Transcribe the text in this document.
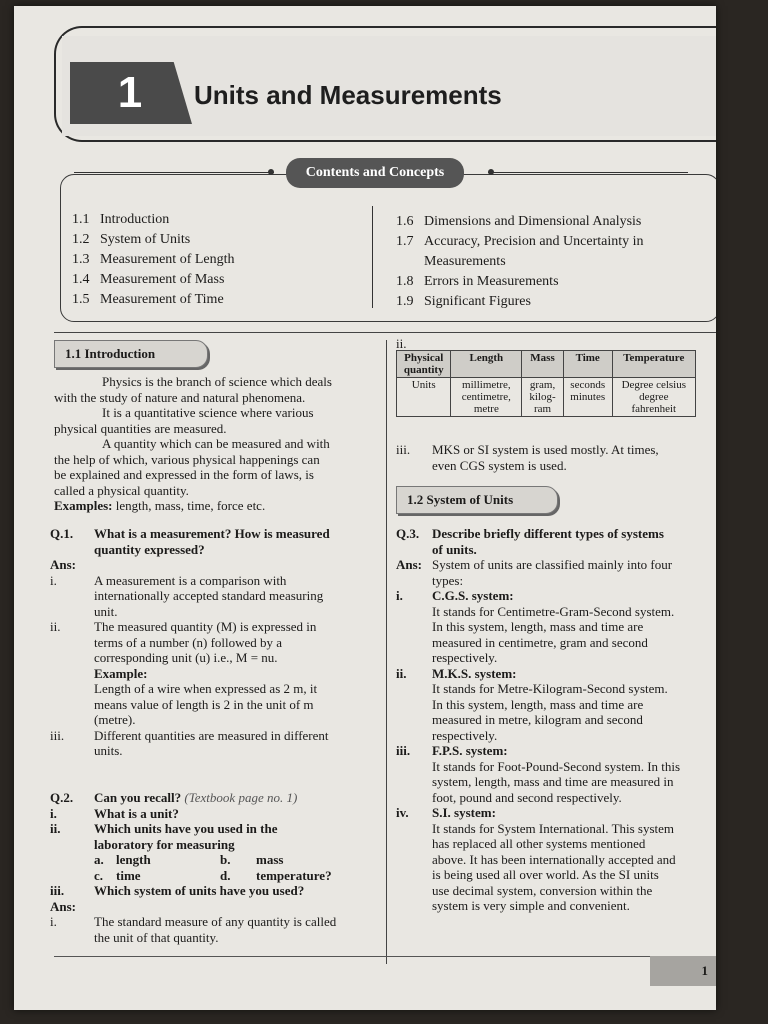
1 Units and Measurements
Contents and Concepts
1.1 Introduction
1.2 System of Units
1.3 Measurement of Length
1.4 Measurement of Mass
1.5 Measurement of Time
1.6 Dimensions and Dimensional Analysis
1.7 Accuracy, Precision and Uncertainty in
Measurements
1.8 Errors in Measurements
1.9 Significant Figures
1.1 Introduction
Physics is the branch of science which deals
with the study of nature and natural phenomena.
It is a quantitative science where various
physical quantities are measured.
A quantity which can be measured and with
the help of which, various physical happenings can
be explained and expressed in the form of laws, is
called a physical quantity.
Examples: length, mass, time, force etc.
Q.1.	What is a measurement? How is measured
quantity expressed?
Ans:
i.	A measurement is a comparison with
internationally accepted standard measuring
unit.
ii.	The measured quantity (M) is expressed in
terms of a number (n) followed by a
corresponding unit (u) i.e., M = nu.
Example:
Length of a wire when expressed as 2 m, it
means value of length is 2 in the unit of m
(metre).
iii.	Different quantities are measured in different
units.
Q.2.	Can you recall?
(Textbook page no. 1)
i.	What is a unit?
ii.	Which units have you used in the
laboratory for measuring
a. length	b.	mass
c. time	d.	temperature?
iii.	Which system of units have you used?
Ans:
i.	The standard measure of any quantity is called
the unit of that quantity.
ii.
Physical quantity	Length	Mass	Time	Temperature
Units	millimetre, centimetre, metre	gram, kilog-ram	seconds minutes	Degree celsius degree fahrenheit
iii.	MKS or SI system is used mostly. At times,
even CGS system is used.
1.2 System of Units
Q.3. Describe briefly different types of systems
of units.
Ans: System of units are classified mainly into four
types:
i.	C.G.S. system:
It stands for Centimetre-Gram-Second system.
In this system, length, mass and time are
measured in centimetre, gram and second
respectively.
ii.	M.K.S. system:
It stands for Metre-Kilogram-Second system.
In this system, length, mass and time are
measured in metre, kilogram and second
respectively.
iii.	F.P.S. system:
It stands for Foot-Pound-Second system. In this
system, length, mass and time are measured in
foot, pound and second respectively.
iv.	S.I. system:
It stands for System International. This system
has replaced all other systems mentioned
above. It has been internationally accepted and
is being used all over world. As the SI units
use decimal system, conversion within the
system is very simple and convenient.
1
